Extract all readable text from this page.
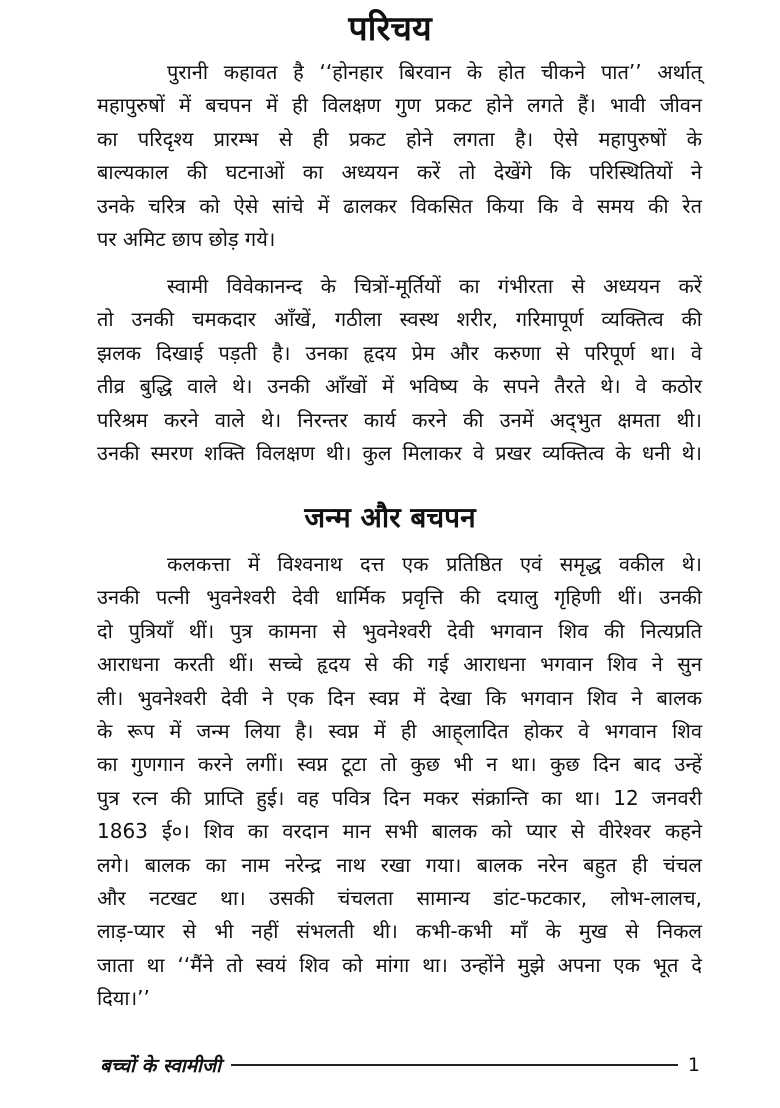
परिचय
पुरानी कहावत है ‘‘होनहार बिरवान के होत चीकने पात’’ अर्थात्
महापुरुषों में बचपन में ही विलक्षण गुण प्रकट होने लगते हैं। भावी जीवन
का परिदृश्य प्रारम्भ से ही प्रकट होने लगता है। ऐसे महापुरुषों के
बाल्यकाल की घटनाओं का अध्ययन करें तो देखेंगे कि परिस्थितियों ने
उनके चरित्र को ऐसे सांचे में ढालकर विकसित किया कि वे समय की रेत
पर अमिट छाप छोड़ गये।
स्वामी विवेकानन्द के चित्रों-मूर्तियों का गंभीरता से अध्ययन करें
तो उनकी चमकदार आँखें, गठीला स्वस्थ शरीर, गरिमापूर्ण व्यक्तित्व की
झलक दिखाई पड़ती है। उनका हृदय प्रेम और करुणा से परिपूर्ण था। वे
तीव्र बुद्धि वाले थे। उनकी आँखों में भविष्य के सपने तैरते थे। वे कठोर
परिश्रम करने वाले थे। निरन्तर कार्य करने की उनमें अद्‌भुत क्षमता थी।
उनकी स्मरण शक्ति विलक्षण थी। कुल मिलाकर वे प्रखर व्यक्तित्व के धनी थे।
जन्म और बचपन
कलकत्ता में विश्वनाथ दत्त एक प्रतिष्ठित एवं समृद्ध वकील थे।
उनकी पत्नी भुवनेश्वरी देवी धार्मिक प्रवृत्ति की दयालु गृहिणी थीं। उनकी
दो पुत्रियाँ थीं। पुत्र कामना से भुवनेश्वरी देवी भगवान शिव की नित्यप्रति
आराधना करती थीं। सच्चे हृदय से की गई आराधना भगवान शिव ने सुन
ली। भुवनेश्वरी देवी ने एक दिन स्वप्न में देखा कि भगवान शिव ने बालक
के रूप में जन्म लिया है। स्वप्न में ही आह्‌लादित होकर वे भगवान शिव
का गुणगान करने लगीं। स्वप्न टूटा तो कुछ भी न था। कुछ दिन बाद उन्हें
पुत्र रत्न की प्राप्ति हुई। वह पवित्र दिन मकर संक्रान्ति का था। 12 जनवरी
1863 ई०। शिव का वरदान मान सभी बालक को प्यार से वीरेश्वर कहने
लगे। बालक का नाम नरेन्द्र नाथ रखा गया। बालक नरेन बहुत ही चंचल
और नटखट था। उसकी चंचलता सामान्य डांट-फटकार, लोभ-लालच,
लाड़-प्यार से भी नहीं संभलती थी। कभी-कभी माँ के मुख से निकल
जाता था ‘‘मैंने तो स्वयं शिव को मांगा था। उन्होंने मुझे अपना एक भूत दे
दिया।’’
बच्चों के स्वामीजी	1
